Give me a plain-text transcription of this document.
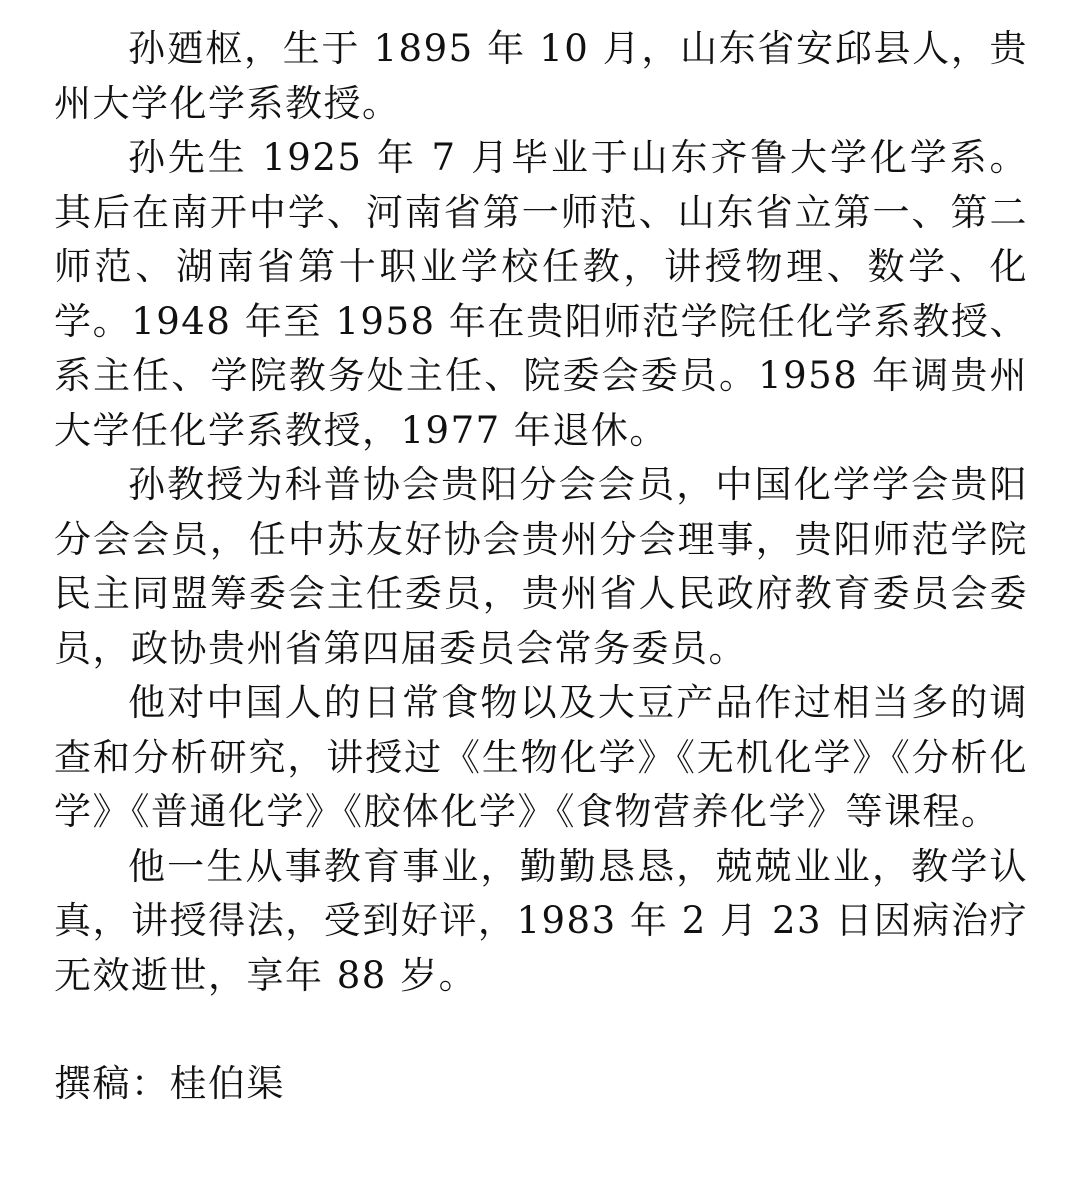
孙廼枢，生于 1895 年 10 月，山东省安邱县人，贵州大学化学系教授。

孙先生 1925 年 7 月毕业于山东齐鲁大学化学系。其后在南开中学、河南省第一师范、山东省立第一、第二师范、湖南省第十职业学校任教，讲授物理、数学、化学。1948 年至 1958 年在贵阳师范学院任化学系教授、系主任、学院教务处主任、院委会委员。1958 年调贵州大学任化学系教授，1977 年退休。

孙教授为科普协会贵阳分会会员，中国化学学会贵阳分会会员，任中苏友好协会贵州分会理事，贵阳师范学院民主同盟筹委会主任委员，贵州省人民政府教育委员会委员，政协贵州省第四届委员会常务委员。

他对中国人的日常食物以及大豆产品作过相当多的调查和分析研究，讲授过《生物化学》《无机化学》《分析化学》《普通化学》《胶体化学》《食物营养化学》等课程。

他一生从事教育事业，勤勤恳恳，兢兢业业，教学认真，讲授得法，受到好评，1983 年 2 月 23 日因病治疗无效逝世，享年 88 岁。

撰稿：桂伯渠
